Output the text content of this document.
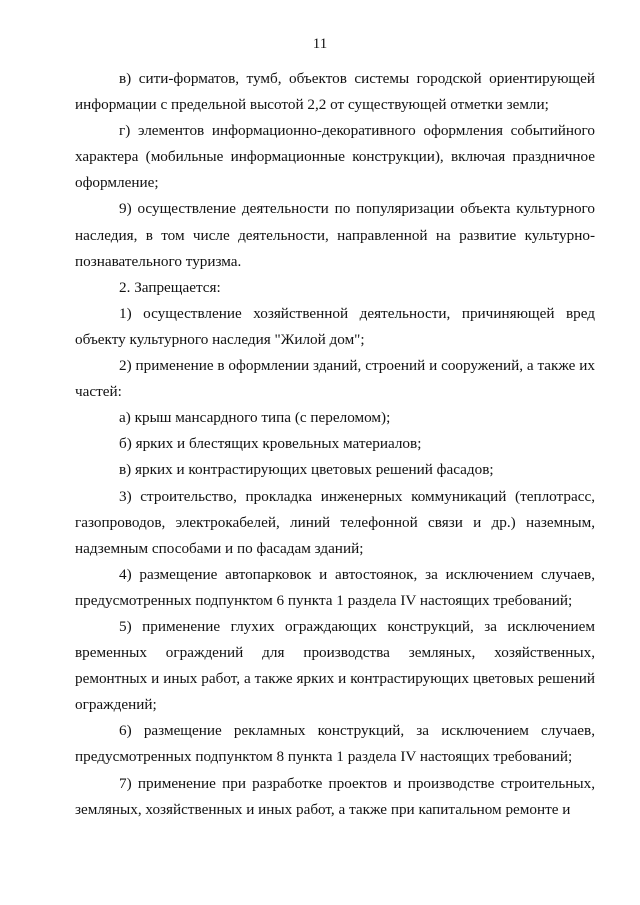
11

в) сити-форматов, тумб, объектов системы городской ориентирующей информации с предельной высотой 2,2 от существующей отметки земли;

г) элементов информационно-декоративного оформления событийного характера (мобильные информационные конструкции), включая праздничное оформление;

9) осуществление деятельности по популяризации объекта культурного наследия, в том числе деятельности, направленной на развитие культурно-познавательного туризма.

2. Запрещается:

1) осуществление хозяйственной деятельности, причиняющей вред объекту культурного наследия "Жилой дом";

2) применение в оформлении зданий, строений и сооружений, а также их частей:

а) крыш мансардного типа (с переломом);

б) ярких и блестящих кровельных материалов;

в) ярких и контрастирующих цветовых решений фасадов;

3) строительство, прокладка инженерных коммуникаций (теплотрасс, газопроводов, электрокабелей, линий телефонной связи и др.) наземным, надземным способами и по фасадам зданий;

4) размещение автопарковок и автостоянок, за исключением случаев, предусмотренных подпунктом 6 пункта 1 раздела IV настоящих требований;

5) применение глухих ограждающих конструкций, за исключением временных ограждений для производства земляных, хозяйственных, ремонтных и иных работ, а также ярких и контрастирующих цветовых решений ограждений;

6) размещение рекламных конструкций, за исключением случаев, предусмотренных подпунктом 8 пункта 1 раздела IV настоящих требований;

7) применение при разработке проектов и производстве строительных, земляных, хозяйственных и иных работ, а также при капитальном ремонте и
